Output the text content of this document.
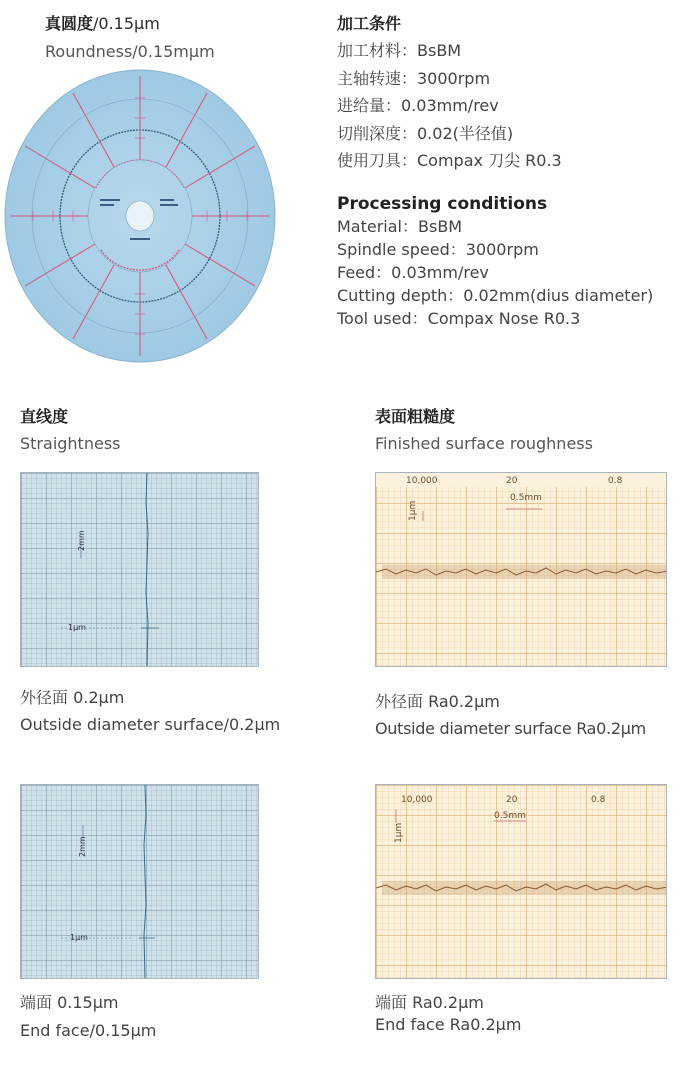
真圆度/0.15μm
Roundness/0.15mμm
加工条件
加工材料：BsBM
主轴转速：3000rpm
进给量：0.03mm/rev
切削深度：0.02(半径值)
使用刀具：Compax 刀尖 R0.3
Processing conditions
Material：BsBM
Spindle speed：3000rpm
Feed：0.03mm/rev
Cutting depth：0.02mm(dius diameter)
Tool used：Compax Nose R0.3
直线度
Straightness
表面粗糙度
Finished surface roughness
2mm
1μm
10,000	20	0.8
0.5mm
1μm
外径面 0.2μm
Outside diameter surface/0.2μm
外径面 Ra0.2μm
Outside diameter surface Ra0.2μm
2mm
1μm
10,000	20	0.8
0.5mm
1μm
端面 0.15μm
End face/0.15μm
端面 Ra0.2μm
End face Ra0.2μm
